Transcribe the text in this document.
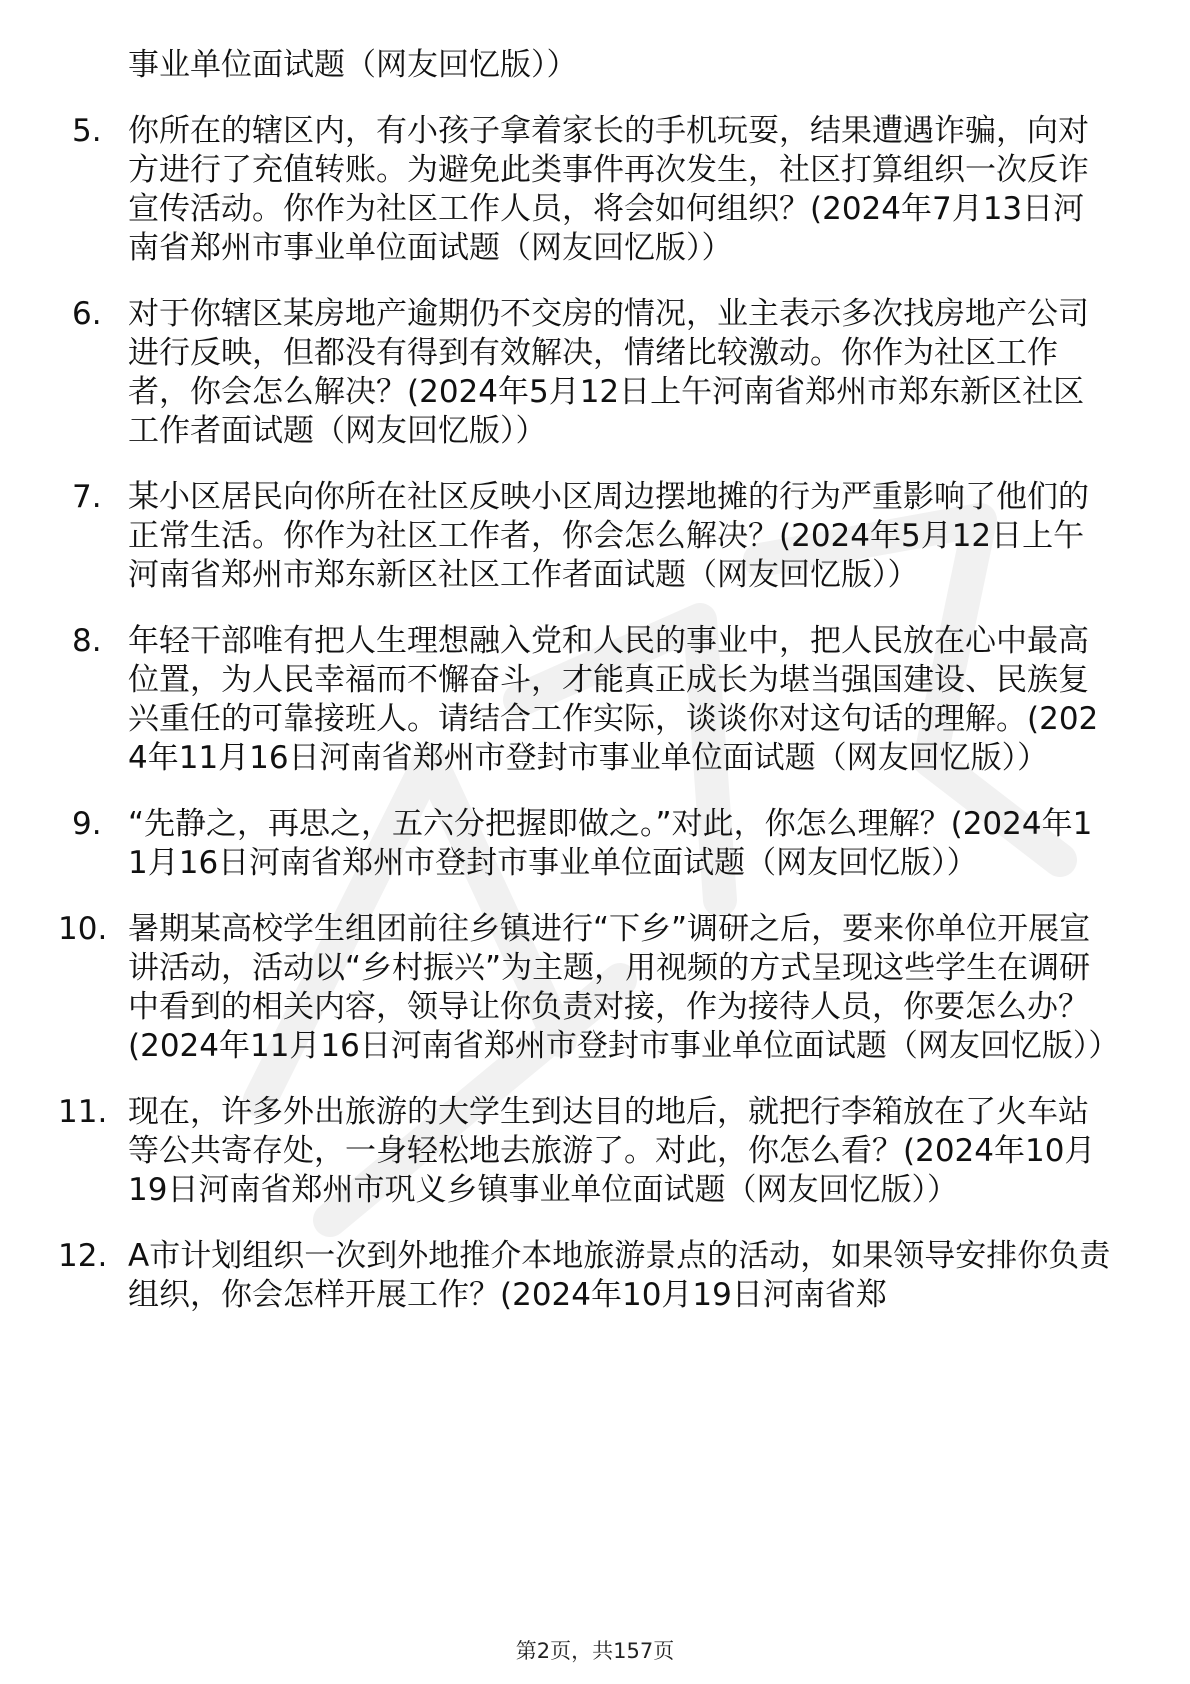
事业单位面试题（网友回忆版））
5. 你所在的辖区内，有小孩子拿着家长的手机玩耍，结果遭遇诈骗，向对方进行了充值转账。为避免此类事件再次发生，社区打算组织一次反诈宣传活动。你作为社区工作人员，将会如何组织？(2024年7月13日河南省郑州市事业单位面试题（网友回忆版））
6. 对于你辖区某房地产逾期仍不交房的情况，业主表示多次找房地产公司进行反映，但都没有得到有效解决，情绪比较激动。你作为社区工作者，你会怎么解决？(2024年5月12日上午河南省郑州市郑东新区社区工作者面试题（网友回忆版））
7. 某小区居民向你所在社区反映小区周边摆地摊的行为严重影响了他们的正常生活。你作为社区工作者，你会怎么解决？(2024年5月12日上午河南省郑州市郑东新区社区工作者面试题（网友回忆版））
8. 年轻干部唯有把人生理想融入党和人民的事业中，把人民放在心中最高位置，为人民幸福而不懈奋斗，才能真正成长为堪当强国建设、民族复兴重任的可靠接班人。请结合工作实际，谈谈你对这句话的理解。(2024年11月16日河南省郑州市登封市事业单位面试题（网友回忆版））
9. “先静之，再思之，五六分把握即做之。”对此，你怎么理解？(2024年11月16日河南省郑州市登封市事业单位面试题（网友回忆版））
10. 暑期某高校学生组团前往乡镇进行“下乡”调研之后，要来你单位开展宣讲活动，活动以“乡村振兴”为主题，用视频的方式呈现这些学生在调研中看到的相关内容，领导让你负责对接，作为接待人员，你要怎么办？(2024年11月16日河南省郑州市登封市事业单位面试题（网友回忆版））
11. 现在，许多外出旅游的大学生到达目的地后，就把行李箱放在了火车站等公共寄存处，一身轻松地去旅游了。对此，你怎么看？(2024年10月19日河南省郑州市巩义乡镇事业单位面试题（网友回忆版））
12. A市计划组织一次到外地推介本地旅游景点的活动，如果领导安排你负责组织，你会怎样开展工作？(2024年10月19日河南省郑
第2页，共157页
